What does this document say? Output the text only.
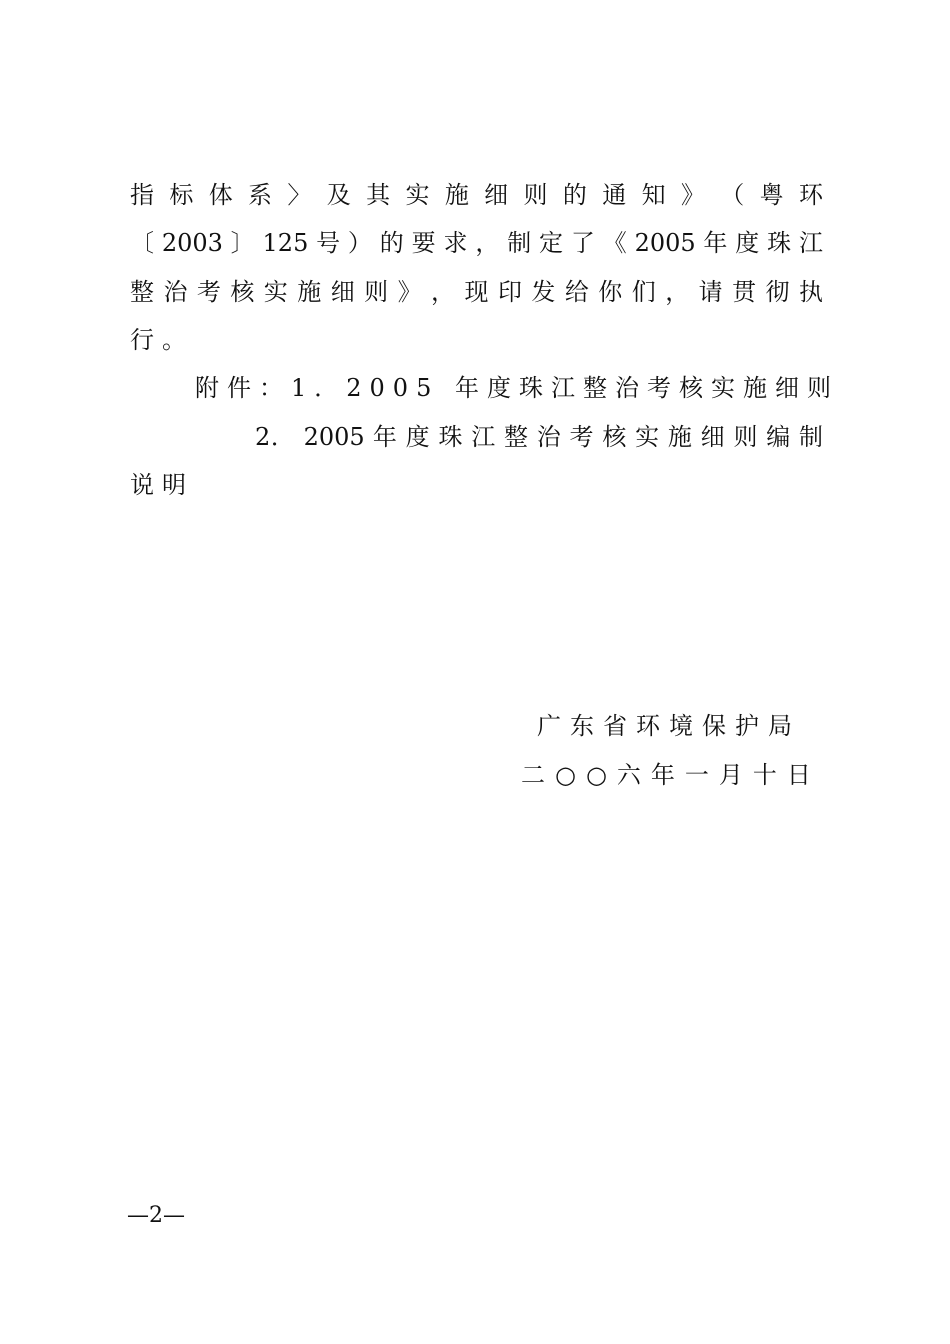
指 标 体 系 〉 及 其 实 施 细 则 的 通 知 》 （ 粤 环
〔 2003 〕 125 号 ） 的 要 求 ， 制 定 了 《 2005 年 度 珠 江
整 治 考 核 实 施 细 则 》 ， 现 印 发 给 你 们 ， 请 贯 彻 执
行。
附件：1．2005 年度珠江整治考核实施细则
2． 2005 年 度 珠 江 整 治 考 核 实 施 细 则 编 制
说明
广东省环境保护局
二○○六年一月十日
—2—
